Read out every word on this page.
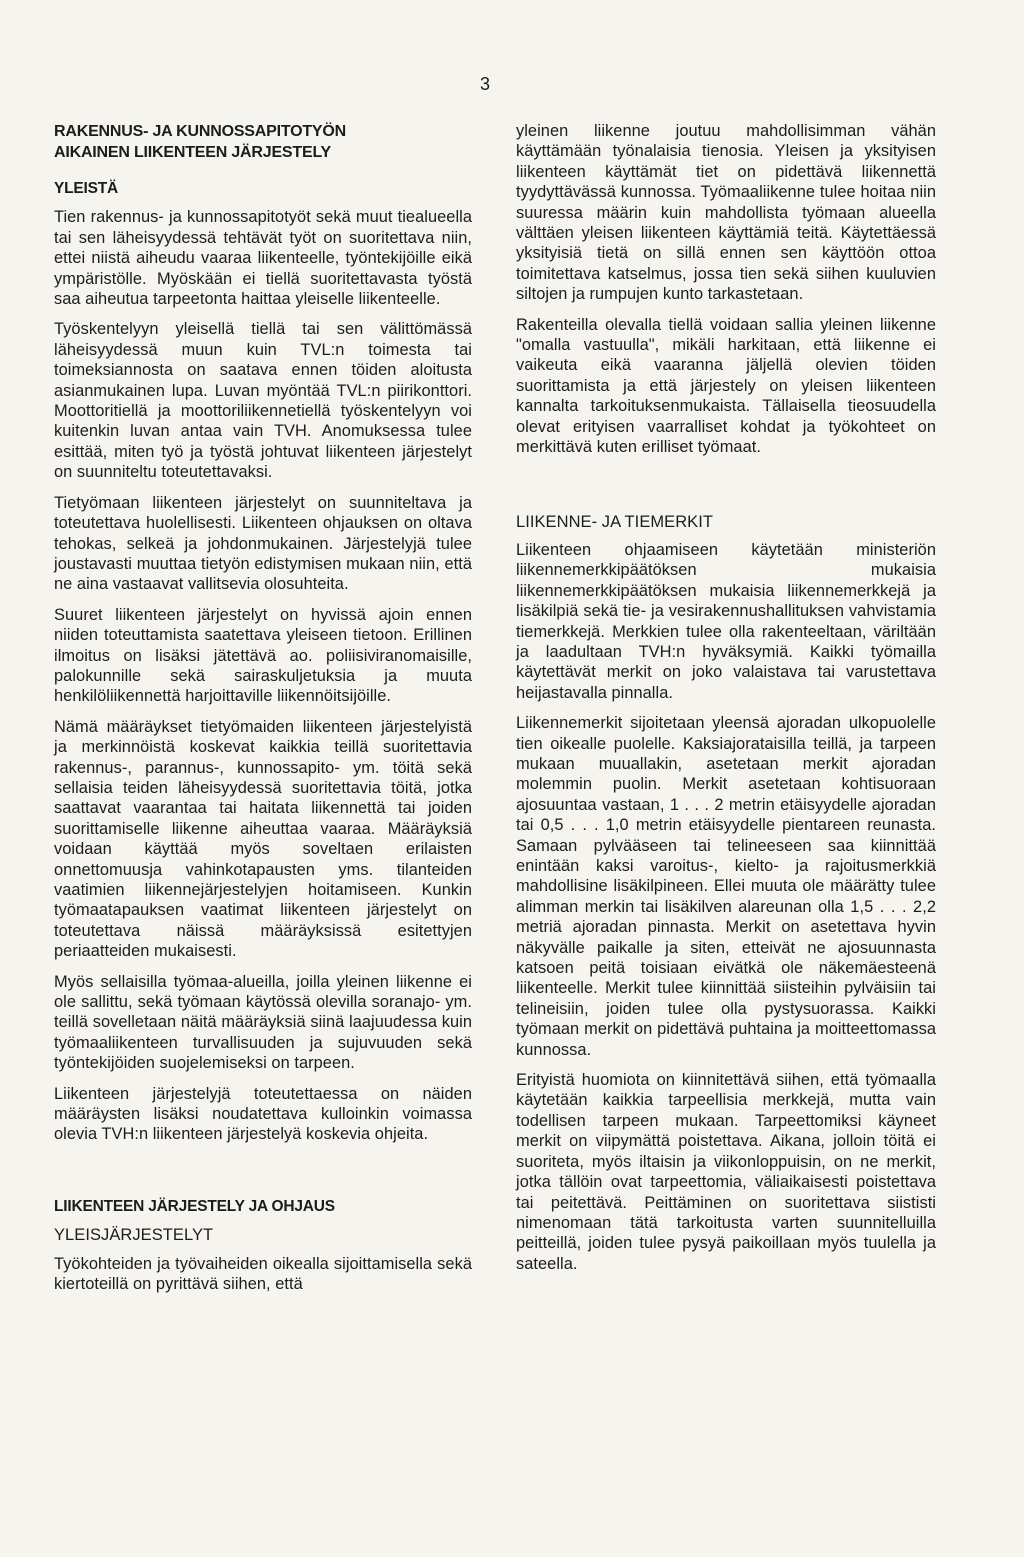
3
RAKENNUS- JA KUNNOSSAPITOTYÖN
AIKAINEN LIIKENTEEN JÄRJESTELY
YLEISTÄ

Tien rakennus- ja kunnossapitotyöt sekä muut tiealueella tai sen läheisyydessä tehtävät työt on suoritettava niin, ettei niistä aiheudu vaaraa liikenteelle, työntekijöille eikä ympäristölle. Myöskään ei tiellä suoritettavasta työstä saa aiheutua tarpeetonta haittaa yleiselle liikenteelle.

Työskentelyyn yleisellä tiellä tai sen välittömässä läheisyydessä muun kuin TVL:n toimesta tai toimeksiannosta on saatava ennen töiden aloitusta asianmukainen lupa. Luvan myöntää TVL:n piirikonttori. Moottoritiellä ja moottoriliikennetiellä työskentelyyn voi kuitenkin luvan antaa vain TVH. Anomuksessa tulee esittää, miten työ ja työstä johtuvat liikenteen järjestelyt on suunniteltu toteutettavaksi.

Tietyömaan liikenteen järjestelyt on suunniteltava ja toteutettava huolellisesti. Liikenteen ohjauksen on oltava tehokas, selkeä ja johdonmukainen. Järjestelyjä tulee joustavasti muuttaa tietyön edistymisen mukaan niin, että ne aina vastaavat vallitsevia olosuhteita.

Suuret liikenteen järjestelyt on hyvissä ajoin ennen niiden toteuttamista saatettava yleiseen tietoon. Erillinen ilmoitus on lisäksi jätettävä ao. poliisiviranomaisille, palokunnille sekä sairaskuljetuksia ja muuta henkilöliikennettä harjoittaville liikennöitsijöille.

Nämä määräykset tietyömaiden liikenteen järjestelyistä ja merkinnöistä koskevat kaikkia teillä suoritettavia rakennus-, parannus-, kunnossapito- ym. töitä sekä sellaisia teiden läheisyydessä suoritettavia töitä, jotka saattavat vaarantaa tai haitata liikennettä tai joiden suorittamiselle liikenne aiheuttaa vaaraa. Määräyksiä voidaan käyttää myös soveltaen erilaisten onnettomuusja vahinkotapausten yms. tilanteiden vaatimien liikennejärjestelyjen hoitamiseen. Kunkin työmaatapauksen vaatimat liikenteen järjestelyt on toteutettava näissä määräyksissä esitettyjen periaatteiden mukaisesti.

Myös sellaisilla työmaa-alueilla, joilla yleinen liikenne ei ole sallittu, sekä työmaan käytössä olevilla soranajo- ym. teillä sovelletaan näitä määräyksiä siinä laajuudessa kuin työmaaliikenteen turvallisuuden ja sujuvuuden sekä työntekijöiden suojelemiseksi on tarpeen.

Liikenteen järjestelyjä toteutettaessa on näiden määräysten lisäksi noudatettava kulloinkin voimassa olevia TVH:n liikenteen järjestelyä koskevia ohjeita.

LIIKENTEEN JÄRJESTELY JA OHJAUS
YLEISJÄRJESTELYT

Työkohteiden ja työvaiheiden oikealla sijoittamisella sekä kiertoteillä on pyrittävä siihen, että

yleinen liikenne joutuu mahdollisimman vähän käyttämään työnalaisia tienosia. Yleisen ja yksityisen liikenteen käyttämät tiet on pidettävä liikennettä tyydyttävässä kunnossa. Työmaaliikenne tulee hoitaa niin suuressa määrin kuin mahdollista työmaan alueella välttäen yleisen liikenteen käyttämiä teitä. Käytettäessä yksityisiä tietä on sillä ennen sen käyttöön ottoa toimitettava katselmus, jossa tien sekä siihen kuuluvien siltojen ja rumpujen kunto tarkastetaan.

Rakenteilla olevalla tiellä voidaan sallia yleinen liikenne "omalla vastuulla", mikäli harkitaan, että liikenne ei vaikeuta eikä vaaranna jäljellä olevien töiden suorittamista ja että järjestely on yleisen liikenteen kannalta tarkoituksenmukaista. Tällaisella tieosuudella olevat erityisen vaarralliset kohdat ja työkohteet on merkittävä kuten erilliset työmaat.

LIIKENNE- JA TIEMERKIT

Liikenteen ohjaamiseen käytetään ministeriön liikennemerkkipäätöksen mukaisia liikennemerkkipäätöksen mukaisia liikennemerkkejä ja lisäkilpiä sekä tie- ja vesirakennushallituksen vahvistamia tiemerkkejä. Merkkien tulee olla rakenteeltaan, väriltään ja laadultaan TVH:n hyväksymiä. Kaikki työmailla käytettävät merkit on joko valaistava tai varustettava heijastavalla pinnalla.

Liikennemerkit sijoitetaan yleensä ajoradan ulkopuolelle tien oikealle puolelle. Kaksiajorataisilla teillä, ja tarpeen mukaan muuallakin, asetetaan merkit ajoradan molemmin puolin. Merkit asetetaan kohtisuoraan ajosuuntaa vastaan, 1 . . . 2 metrin etäisyydelle ajoradan tai 0,5 . . . 1,0 metrin etäisyydelle pientareen reunasta. Samaan pylvääseen tai telineeseen saa kiinnittää enintään kaksi varoitus-, kielto- ja rajoitusmerkkiä mahdollisine lisäkilpineen. Ellei muuta ole määrätty tulee alimman merkin tai lisäkilven alareunan olla 1,5 . . . 2,2 metriä ajoradan pinnasta. Merkit on asetettava hyvin näkyvälle paikalle ja siten, etteivät ne ajosuunnasta katsoen peitä toisiaan eivätkä ole näkemäesteenä liikenteelle. Merkit tulee kiinnittää siisteihin pylväisiin tai telineisiin, joiden tulee olla pystysuorassa. Kaikki työmaan merkit on pidettävä puhtaina ja moitteettomassa kunnossa.

Erityistä huomiota on kiinnitettävä siihen, että työmaalla käytetään kaikkia tarpeellisia merkkejä, mutta vain todellisen tarpeen mukaan. Tarpeettomiksi käyneet merkit on viipymättä poistettava. Aikana, jolloin töitä ei suoriteta, myös iltaisin ja viikonloppuisin, on ne merkit, jotka tällöin ovat tarpeettomia, väliaikaisesti poistettava tai peitettävä. Peittäminen on suoritettava siististi nimenomaan tätä tarkoitusta varten suunnitelluilla peitteillä, joiden tulee pysyä paikoillaan myös tuulella ja sateella.
